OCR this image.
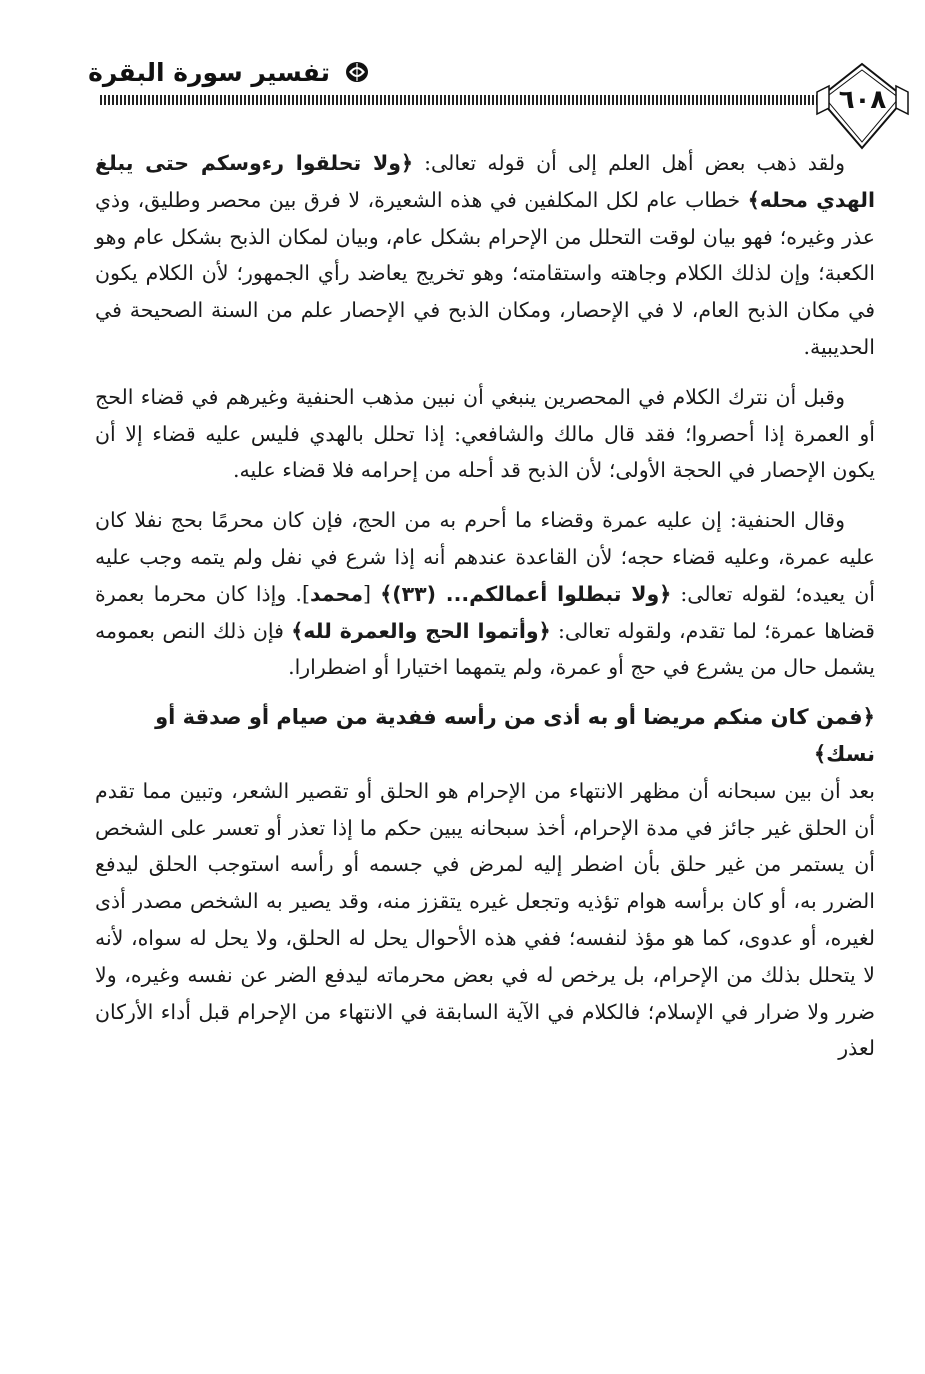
تفسير سورة البقرة
٦٠٨

ولقد ذهب بعض أهل العلم إلى أن قوله تعالى: ﴿ولا تحلقوا رءوسكم حتى يبلغ الهدي محله﴾ خطاب عام لكل المكلفين في هذه الشعيرة، لا فرق بين محصر وطليق، وذي عذر وغيره؛ فهو بيان لوقت التحلل من الإحرام بشكل عام، وبيان لمكان الذبح بشكل عام وهو الكعبة؛ وإن لذلك الكلام وجاهته واستقامته؛ وهو تخريج يعاضد رأي الجمهور؛ لأن الكلام يكون في مكان الذبح العام، لا في الإحصار، ومكان الذبح في الإحصار علم من السنة الصحيحة في الحديبية.

وقبل أن نترك الكلام في المحصرين ينبغي أن نبين مذهب الحنفية وغيرهم في قضاء الحج أو العمرة إذا أحصروا؛ فقد قال مالك والشافعي: إذا تحلل بالهدي فليس عليه قضاء إلا أن يكون الإحصار في الحجة الأولى؛ لأن الذبح قد أحله من إحرامه فلا قضاء عليه.

وقال الحنفية: إن عليه عمرة وقضاء ما أحرم به من الحج، فإن كان محرمًا بحج نفلا كان عليه عمرة، وعليه قضاء حجه؛ لأن القاعدة عندهم أنه إذا شرع في نفل ولم يتمه وجب عليه أن يعيده؛ لقوله تعالى: ﴿ولا تبطلوا أعمالكم... (٣٣)﴾ [محمد]. وإذا كان محرما بعمرة قضاها عمرة؛ لما تقدم، ولقوله تعالى: ﴿وأتموا الحج والعمرة لله﴾ فإن ذلك النص بعمومه يشمل حال من يشرع في حج أو عمرة، ولم يتمهما اختيارا أو اضطرارا.

﴿فمن كان منكم مريضا أو به أذى من رأسه ففدية من صيام أو صدقة أو نسك﴾

بعد أن بين سبحانه أن مظهر الانتهاء من الإحرام هو الحلق أو تقصير الشعر، وتبين مما تقدم أن الحلق غير جائز في مدة الإحرام، أخذ سبحانه يبين حكم ما إذا تعذر أو تعسر على الشخص أن يستمر من غير حلق بأن اضطر إليه لمرض في جسمه أو رأسه استوجب الحلق ليدفع الضرر به، أو كان برأسه هوام تؤذيه وتجعل غيره يتقزز منه، وقد يصير به الشخص مصدر أذى لغيره، أو عدوى، كما هو مؤذ لنفسه؛ ففي هذه الأحوال يحل له الحلق، ولا يحل له سواه، لأنه لا يتحلل بذلك من الإحرام، بل يرخص له في بعض محرماته ليدفع الضر عن نفسه وغيره، ولا ضرر ولا ضرار في الإسلام؛ فالكلام في الآية السابقة في الانتهاء من الإحرام قبل أداء الأركان لعذر
